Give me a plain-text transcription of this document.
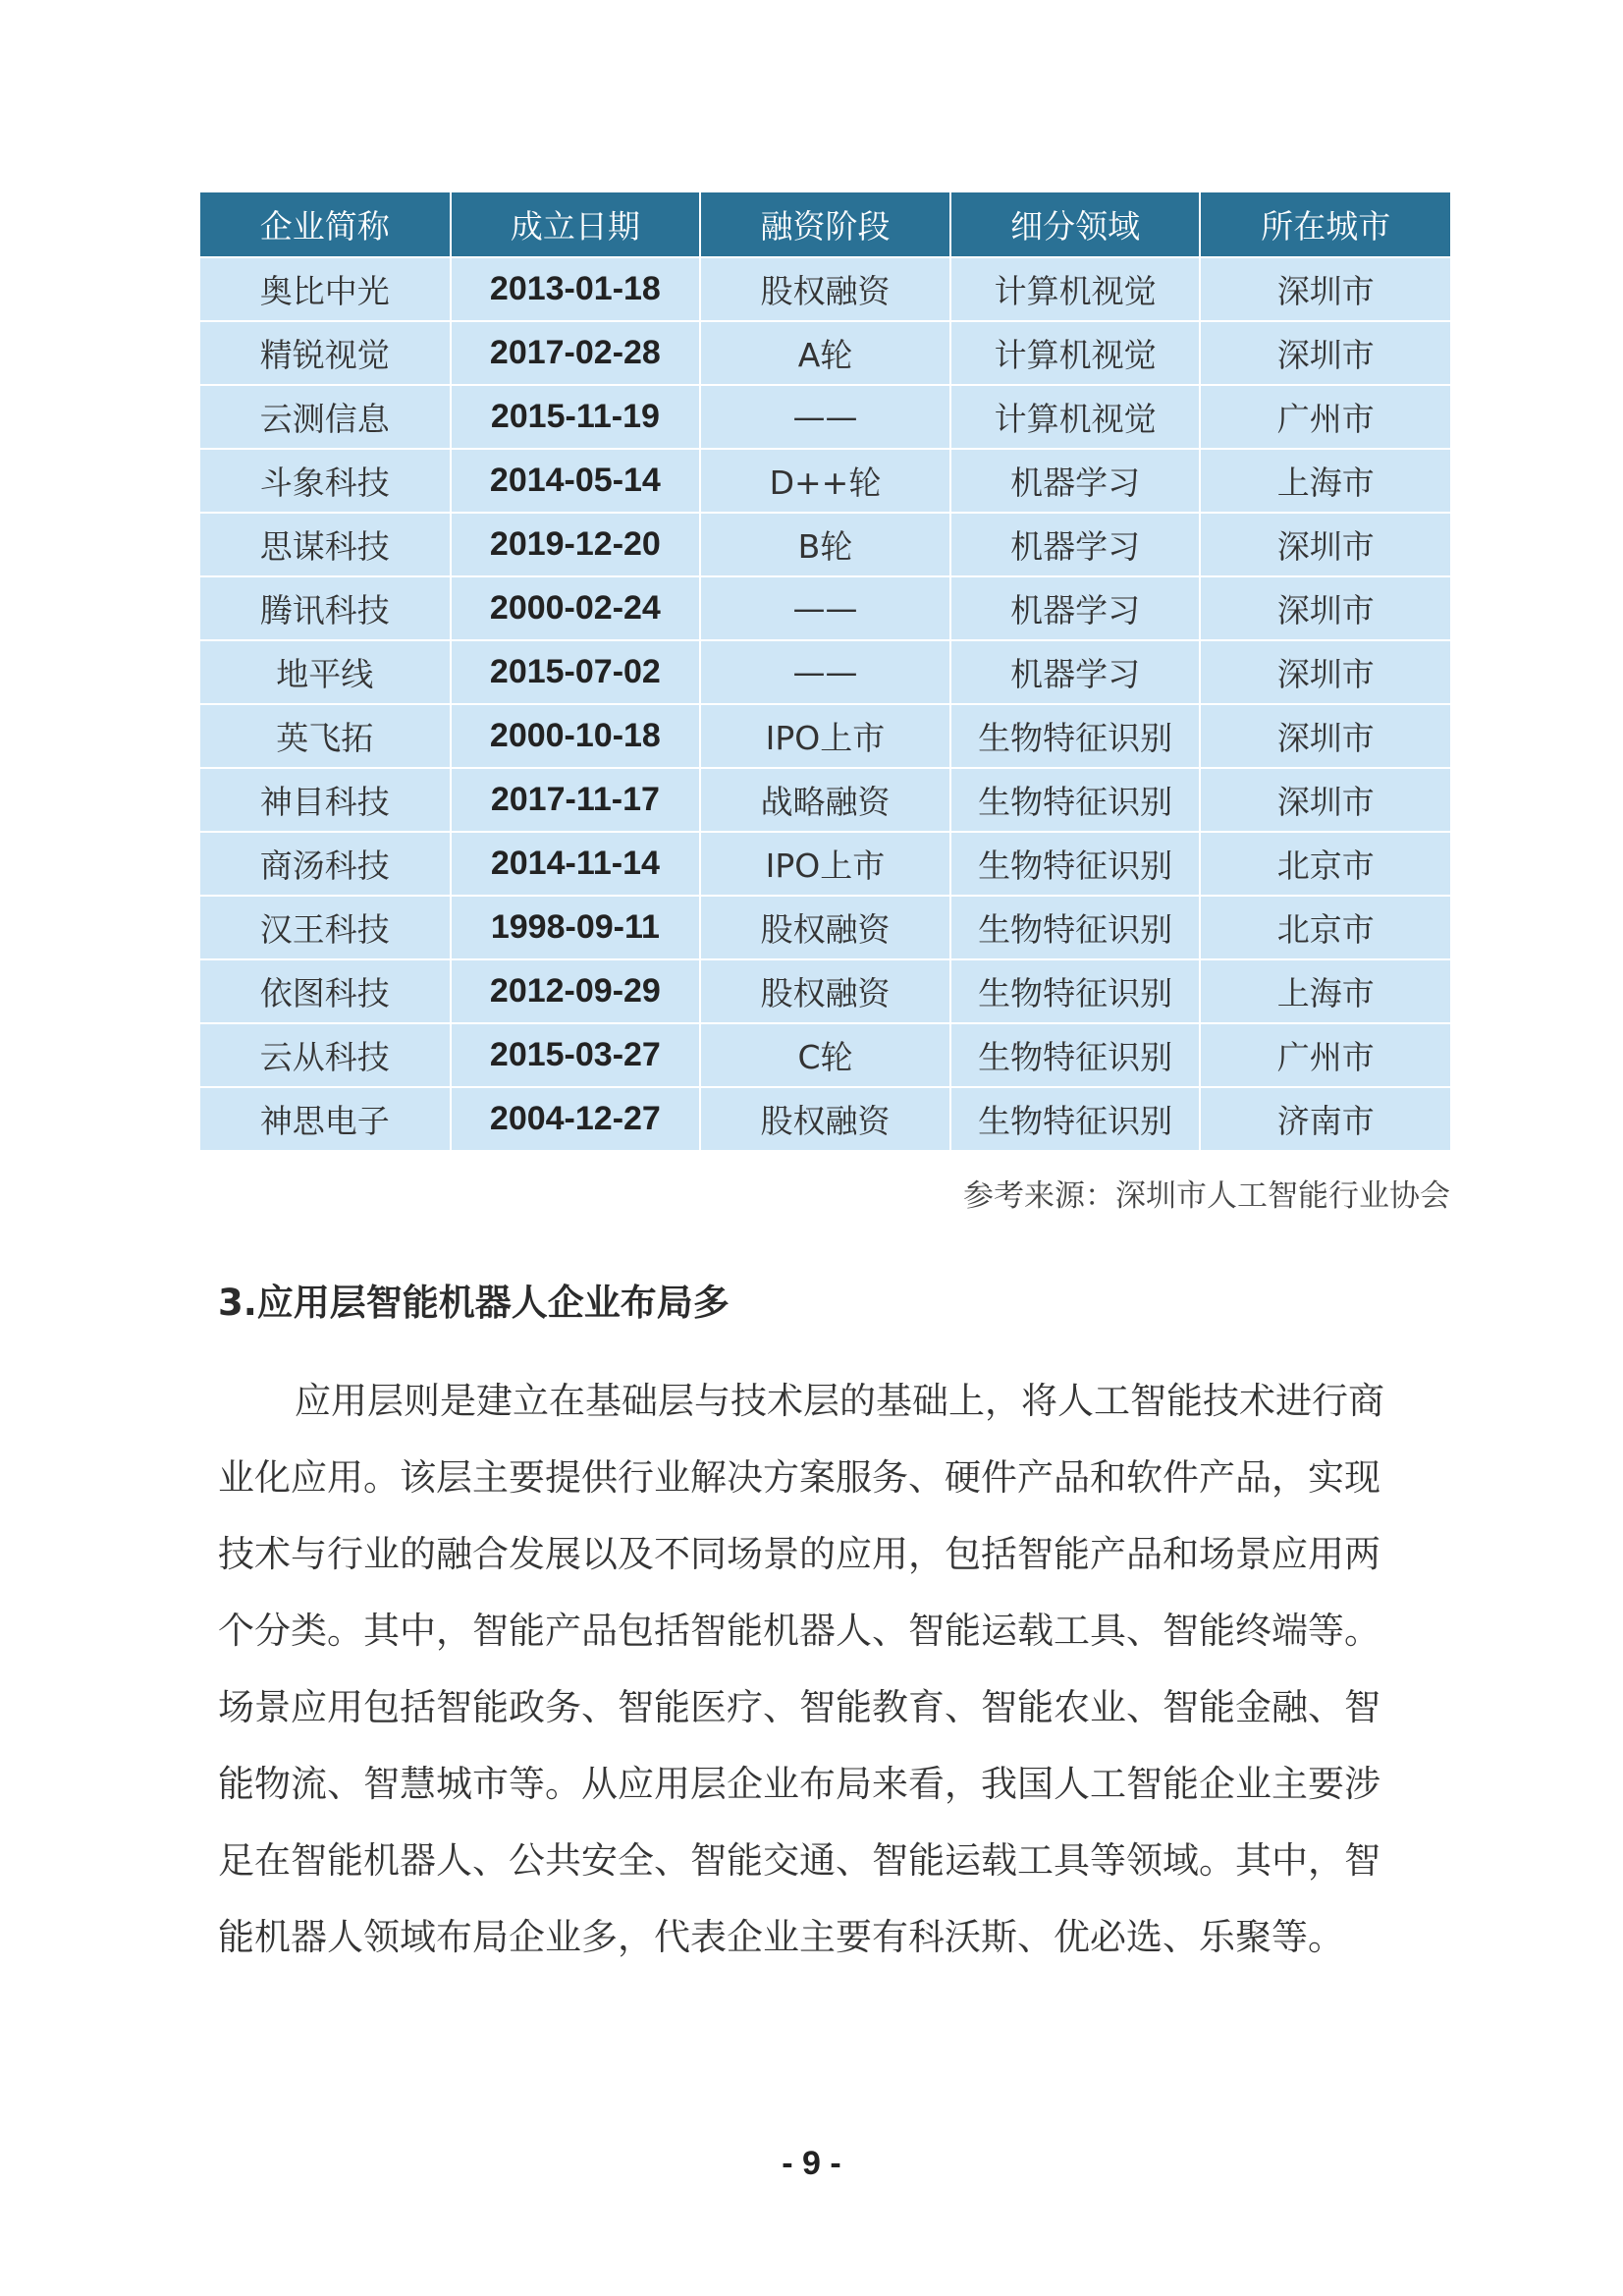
企业简称	成立日期	融资阶段	细分领域	所在城市
奥比中光	2013-01-18	股权融资	计算机视觉	深圳市
精锐视觉	2017-02-28	A轮	计算机视觉	深圳市
云测信息	2015-11-19	——	计算机视觉	广州市
斗象科技	2014-05-14	D++轮	机器学习	上海市
思谋科技	2019-12-20	B轮	机器学习	深圳市
腾讯科技	2000-02-24	——	机器学习	深圳市
地平线	2015-07-02	——	机器学习	深圳市
英飞拓	2000-10-18	IPO上市	生物特征识别	深圳市
神目科技	2017-11-17	战略融资	生物特征识别	深圳市
商汤科技	2014-11-14	IPO上市	生物特征识别	北京市
汉王科技	1998-09-11	股权融资	生物特征识别	北京市
依图科技	2012-09-29	股权融资	生物特征识别	上海市
云从科技	2015-03-27	C轮	生物特征识别	广州市
神思电子	2004-12-27	股权融资	生物特征识别	济南市
参考来源：深圳市人工智能行业协会
3.应用层智能机器人企业布局多
应用层则是建立在基础层与技术层的基础上，将人工智能技术进行商
业化应用。该层主要提供行业解决方案服务、硬件产品和软件产品，实现
技术与行业的融合发展以及不同场景的应用，包括智能产品和场景应用两
个分类。其中，智能产品包括智能机器人、智能运载工具、智能终端等。
场景应用包括智能政务、智能医疗、智能教育、智能农业、智能金融、智
能物流、智慧城市等。从应用层企业布局来看，我国人工智能企业主要涉
足在智能机器人、公共安全、智能交通、智能运载工具等领域。其中，智
能机器人领域布局企业多，代表企业主要有科沃斯、优必选、乐聚等。
- 9 -
